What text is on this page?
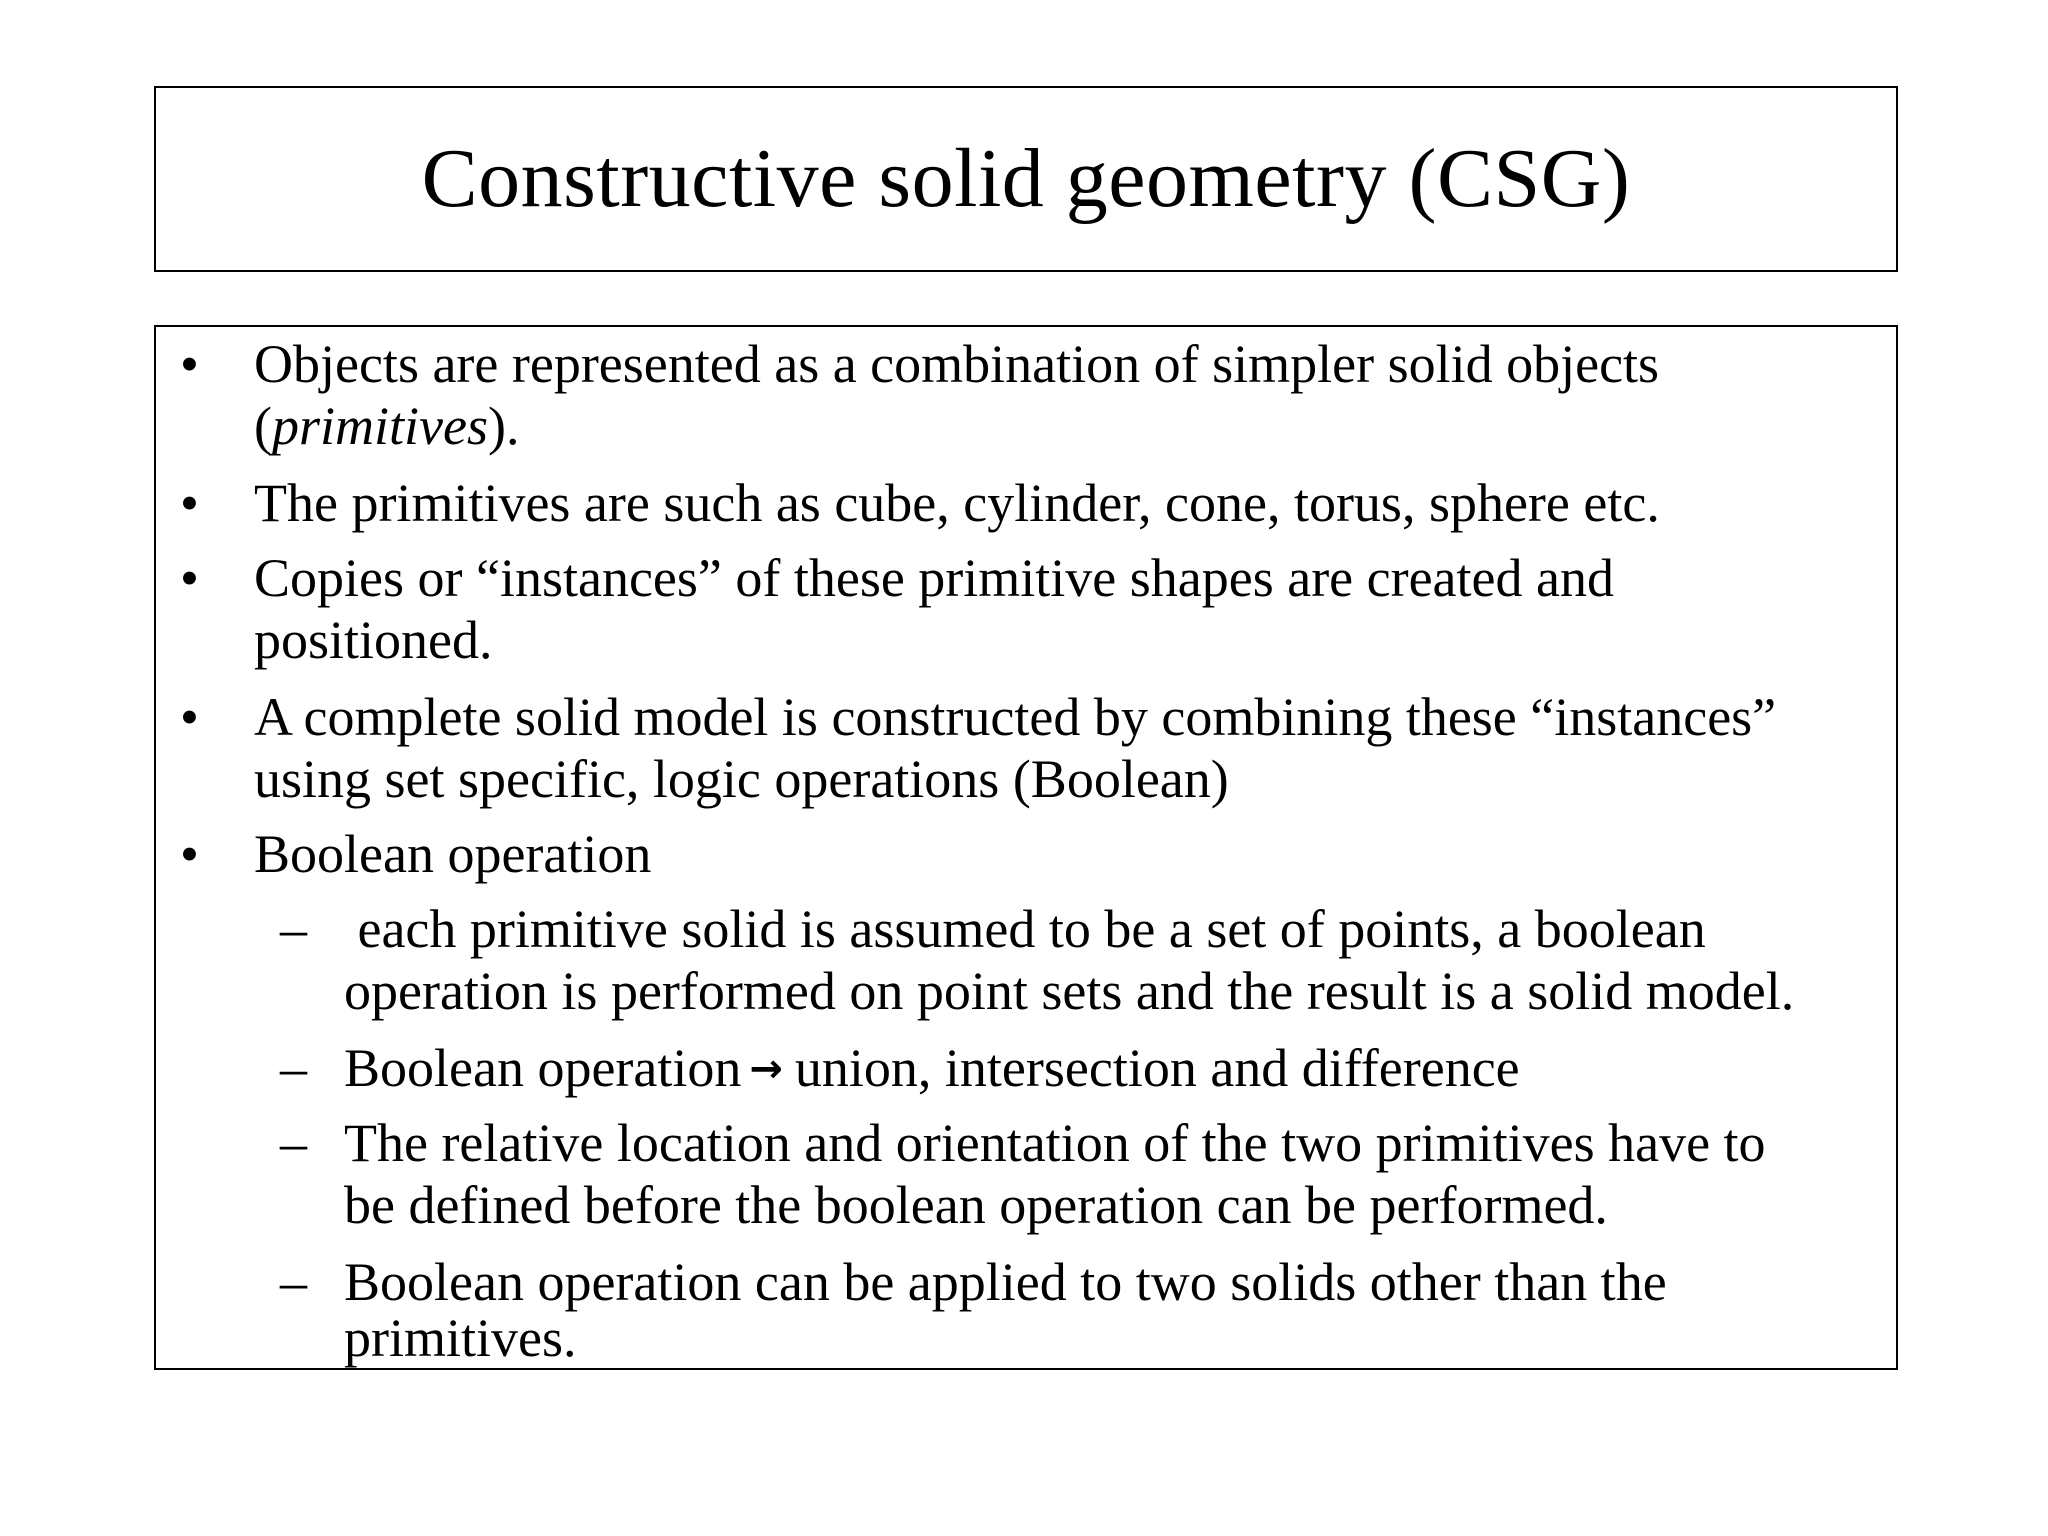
Constructive solid geometry (CSG)
• Objects are represented as a combination of simpler solid objects
(primitives).
• The primitives are such as cube, cylinder, cone, torus, sphere etc.
• Copies or “instances” of these primitive shapes are created and
positioned.
• A complete solid model is constructed by combining these “instances”
using set specific, logic operations (Boolean)
• Boolean operation
– each primitive solid is assumed to be a set of points, a boolean
operation is performed on point sets and the result is a solid model.
– Boolean operation → union, intersection and difference
– The relative location and orientation of the two primitives have to
be defined before the boolean operation can be performed.
– Boolean operation can be applied to two solids other than the
primitives.
